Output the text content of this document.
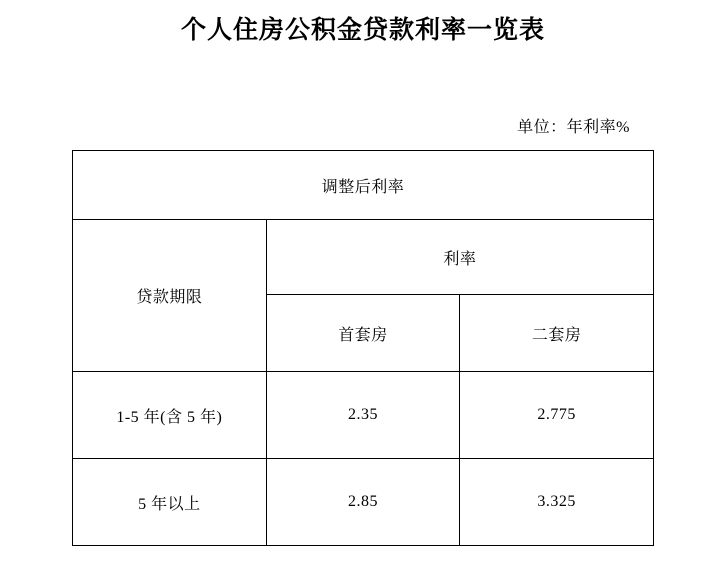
个人住房公积金贷款利率一览表
单位：年利率%
调整后利率		
贷款期限	利率	
	首套房	二套房
1-5 年(含 5 年)	2.35	2.775
5 年以上	2.85	3.325
